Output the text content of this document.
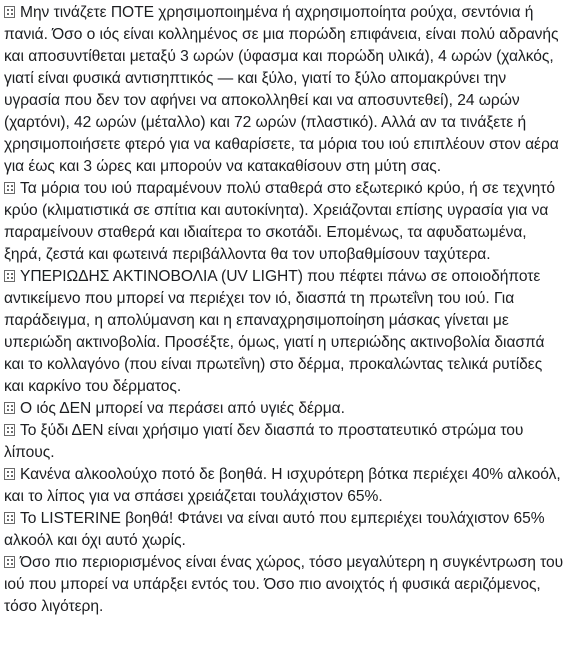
Μην τινάζετε ΠΟΤΕ χρησιμοποιημένα ή αχρησιμοποίητα ρούχα, σεντόνια ή πανιά. Όσο ο ιός είναι κολλημένος σε μια πορώδη επιφάνεια, είναι πολύ αδρανής και αποσυντίθεται μεταξύ 3 ωρών (ύφασμα και πορώδη υλικά), 4 ωρών (χαλκός, γιατί είναι φυσικά αντισηπτικός — και ξύλο, γιατί το ξύλο απομακρύνει την υγρασία που δεν τον αφήνει να αποκολληθεί και να αποσυντεθεί), 24 ωρών (χαρτόνι), 42 ωρών (μέταλλο) και 72 ωρών (πλαστικό). Αλλά αν τα τινάξετε ή χρησιμοποιήσετε φτερό για να καθαρίσετε, τα μόρια του ιού επιπλέουν στον αέρα για έως και 3 ώρες και μπορούν να κατακαθίσουν στη μύτη σας.

Τα μόρια του ιού παραμένουν πολύ σταθερά στο εξωτερικό κρύο, ή σε τεχνητό κρύο (κλιματιστικά σε σπίτια και αυτοκίνητα). Χρειάζονται επίσης υγρασία για να παραμείνουν σταθερά και ιδιαίτερα το σκοτάδι. Επομένως, τα αφυδατωμένα, ξηρά, ζεστά και φωτεινά περιβάλλοντα θα τον υποβαθμίσουν ταχύτερα.

ΥΠΕΡΙΩΔΗΣ ΑΚΤΙΝΟΒΟΛΙΑ (UV LIGHT) που πέφτει πάνω σε οποιοδήποτε αντικείμενο που μπορεί να περιέχει τον ιό, διασπά τη πρωτεΐνη του ιού. Για παράδειγμα, η απολύμανση και η επαναχρησιμοποίηση μάσκας γίνεται με υπεριώδη ακτινοβολία. Προσέξτε, όμως, γιατί η υπεριώδης ακτινοβολία διασπά και το κολλαγόνο (που είναι πρωτεΐνη) στο δέρμα, προκαλώντας τελικά ρυτίδες και καρκίνο του δέρματος.

Ο ιός ΔΕΝ μπορεί να περάσει από υγιές δέρμα.

Το ξύδι ΔΕΝ είναι χρήσιμο γιατί δεν διασπά το προστατευτικό στρώμα του λίπους.

Κανένα αλκοολούχο ποτό δε βοηθά. Η ισχυρότερη βότκα περιέχει 40% αλκοόλ, και το λίπος για να σπάσει χρειάζεται τουλάχιστον 65%.

Το LISTERINE βοηθά! Φτάνει να είναι αυτό που εμπεριέχει τουλάχιστον 65% αλκοόλ και όχι αυτό χωρίς.

Όσο πιο περιορισμένος είναι ένας χώρος, τόσο μεγαλύτερη η συγκέντρωση του ιού που μπορεί να υπάρξει εντός του. Όσο πιο ανοιχτός ή φυσικά αεριζόμενος, τόσο λιγότερη.
